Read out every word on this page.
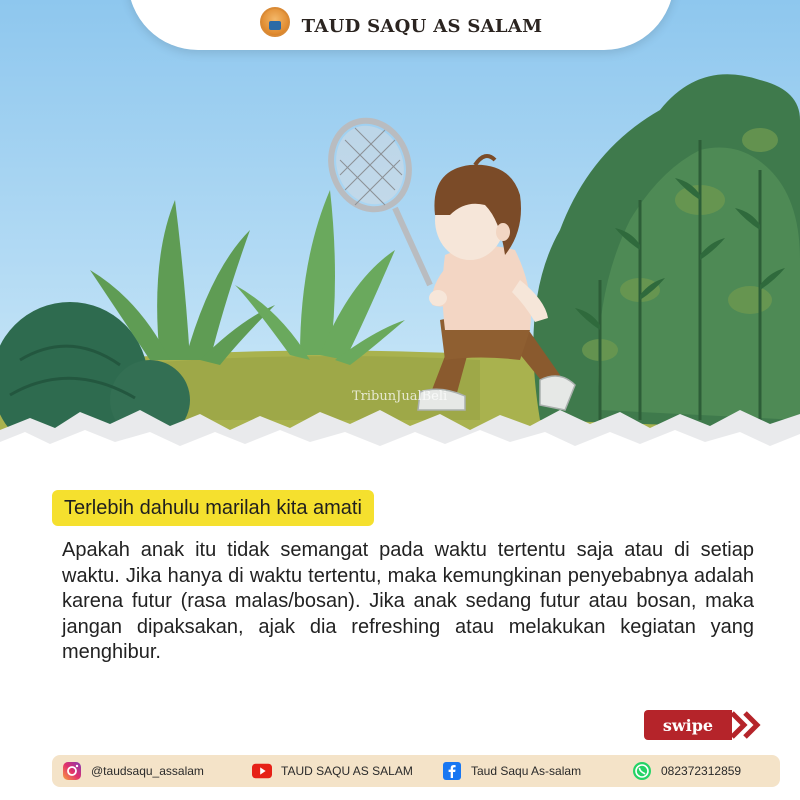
TribunJualBeli
TAUD SAQU AS SALAM
Terlebih dahulu marilah kita amati

Apakah anak itu tidak semangat pada waktu tertentu saja atau di setiap waktu. Jika hanya di waktu tertentu, maka kemungkinan penyebabnya adalah karena futur (rasa malas/bosan). Jika anak sedang futur atau bosan, maka jangan dipaksakan, ajak dia refreshing atau melakukan kegiatan yang menghibur.

swipe
@taudsaqu_assalam	TAUD SAQU AS SALAM	Taud Saqu As-salam	082372312859
